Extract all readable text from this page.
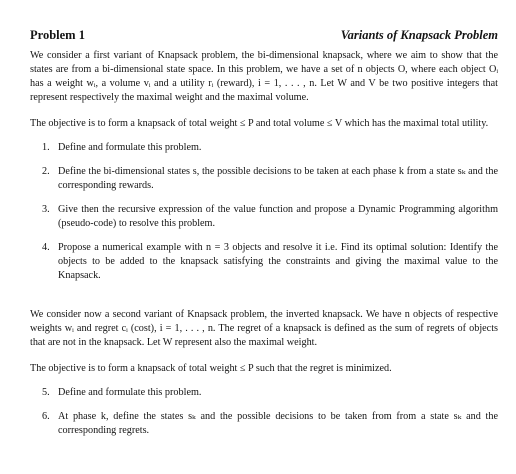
Problem 1	Variants of Knapsack Problem

We consider a first variant of Knapsack problem, the bi-dimensional knapsack, where we aim to show that the states are from a bi-dimensional state space. In this problem, we have a set of n objects O, where each object Oᵢ has a weight wᵢ, a volume vᵢ and a utility rᵢ (reward), i = 1, . . . , n. Let W and V be two positive integers that represent respectively the maximal weight and the maximal volume.

The objective is to form a knapsack of total weight ≤ P and total volume ≤ V which has the maximal total utility.

1. Define and formulate this problem.
2. Define the bi-dimensional states s, the possible decisions to be taken at each phase k from a state sₖ and the corresponding rewards.
3. Give then the recursive expression of the value function and propose a Dynamic Programming algorithm (pseudo-code) to resolve this problem.
4. Propose a numerical example with n = 3 objects and resolve it i.e. Find its optimal solution: Identify the objects to be added to the knapsack satisfying the constraints and giving the maximal value to the Knapsack.

We consider now a second variant of Knapsack problem, the inverted knapsack. We have n objects of respective weights wᵢ and regret cᵢ (cost), i = 1, . . . , n. The regret of a knapsack is defined as the sum of regrets of objects that are not in the knapsack. Let W represent also the maximal weight.

The objective is to form a knapsack of total weight ≤ P such that the regret is minimized.

5. Define and formulate this problem.
6. At phase k, define the states sₖ and the possible decisions to be taken from from a state sₖ and the corresponding regrets.
